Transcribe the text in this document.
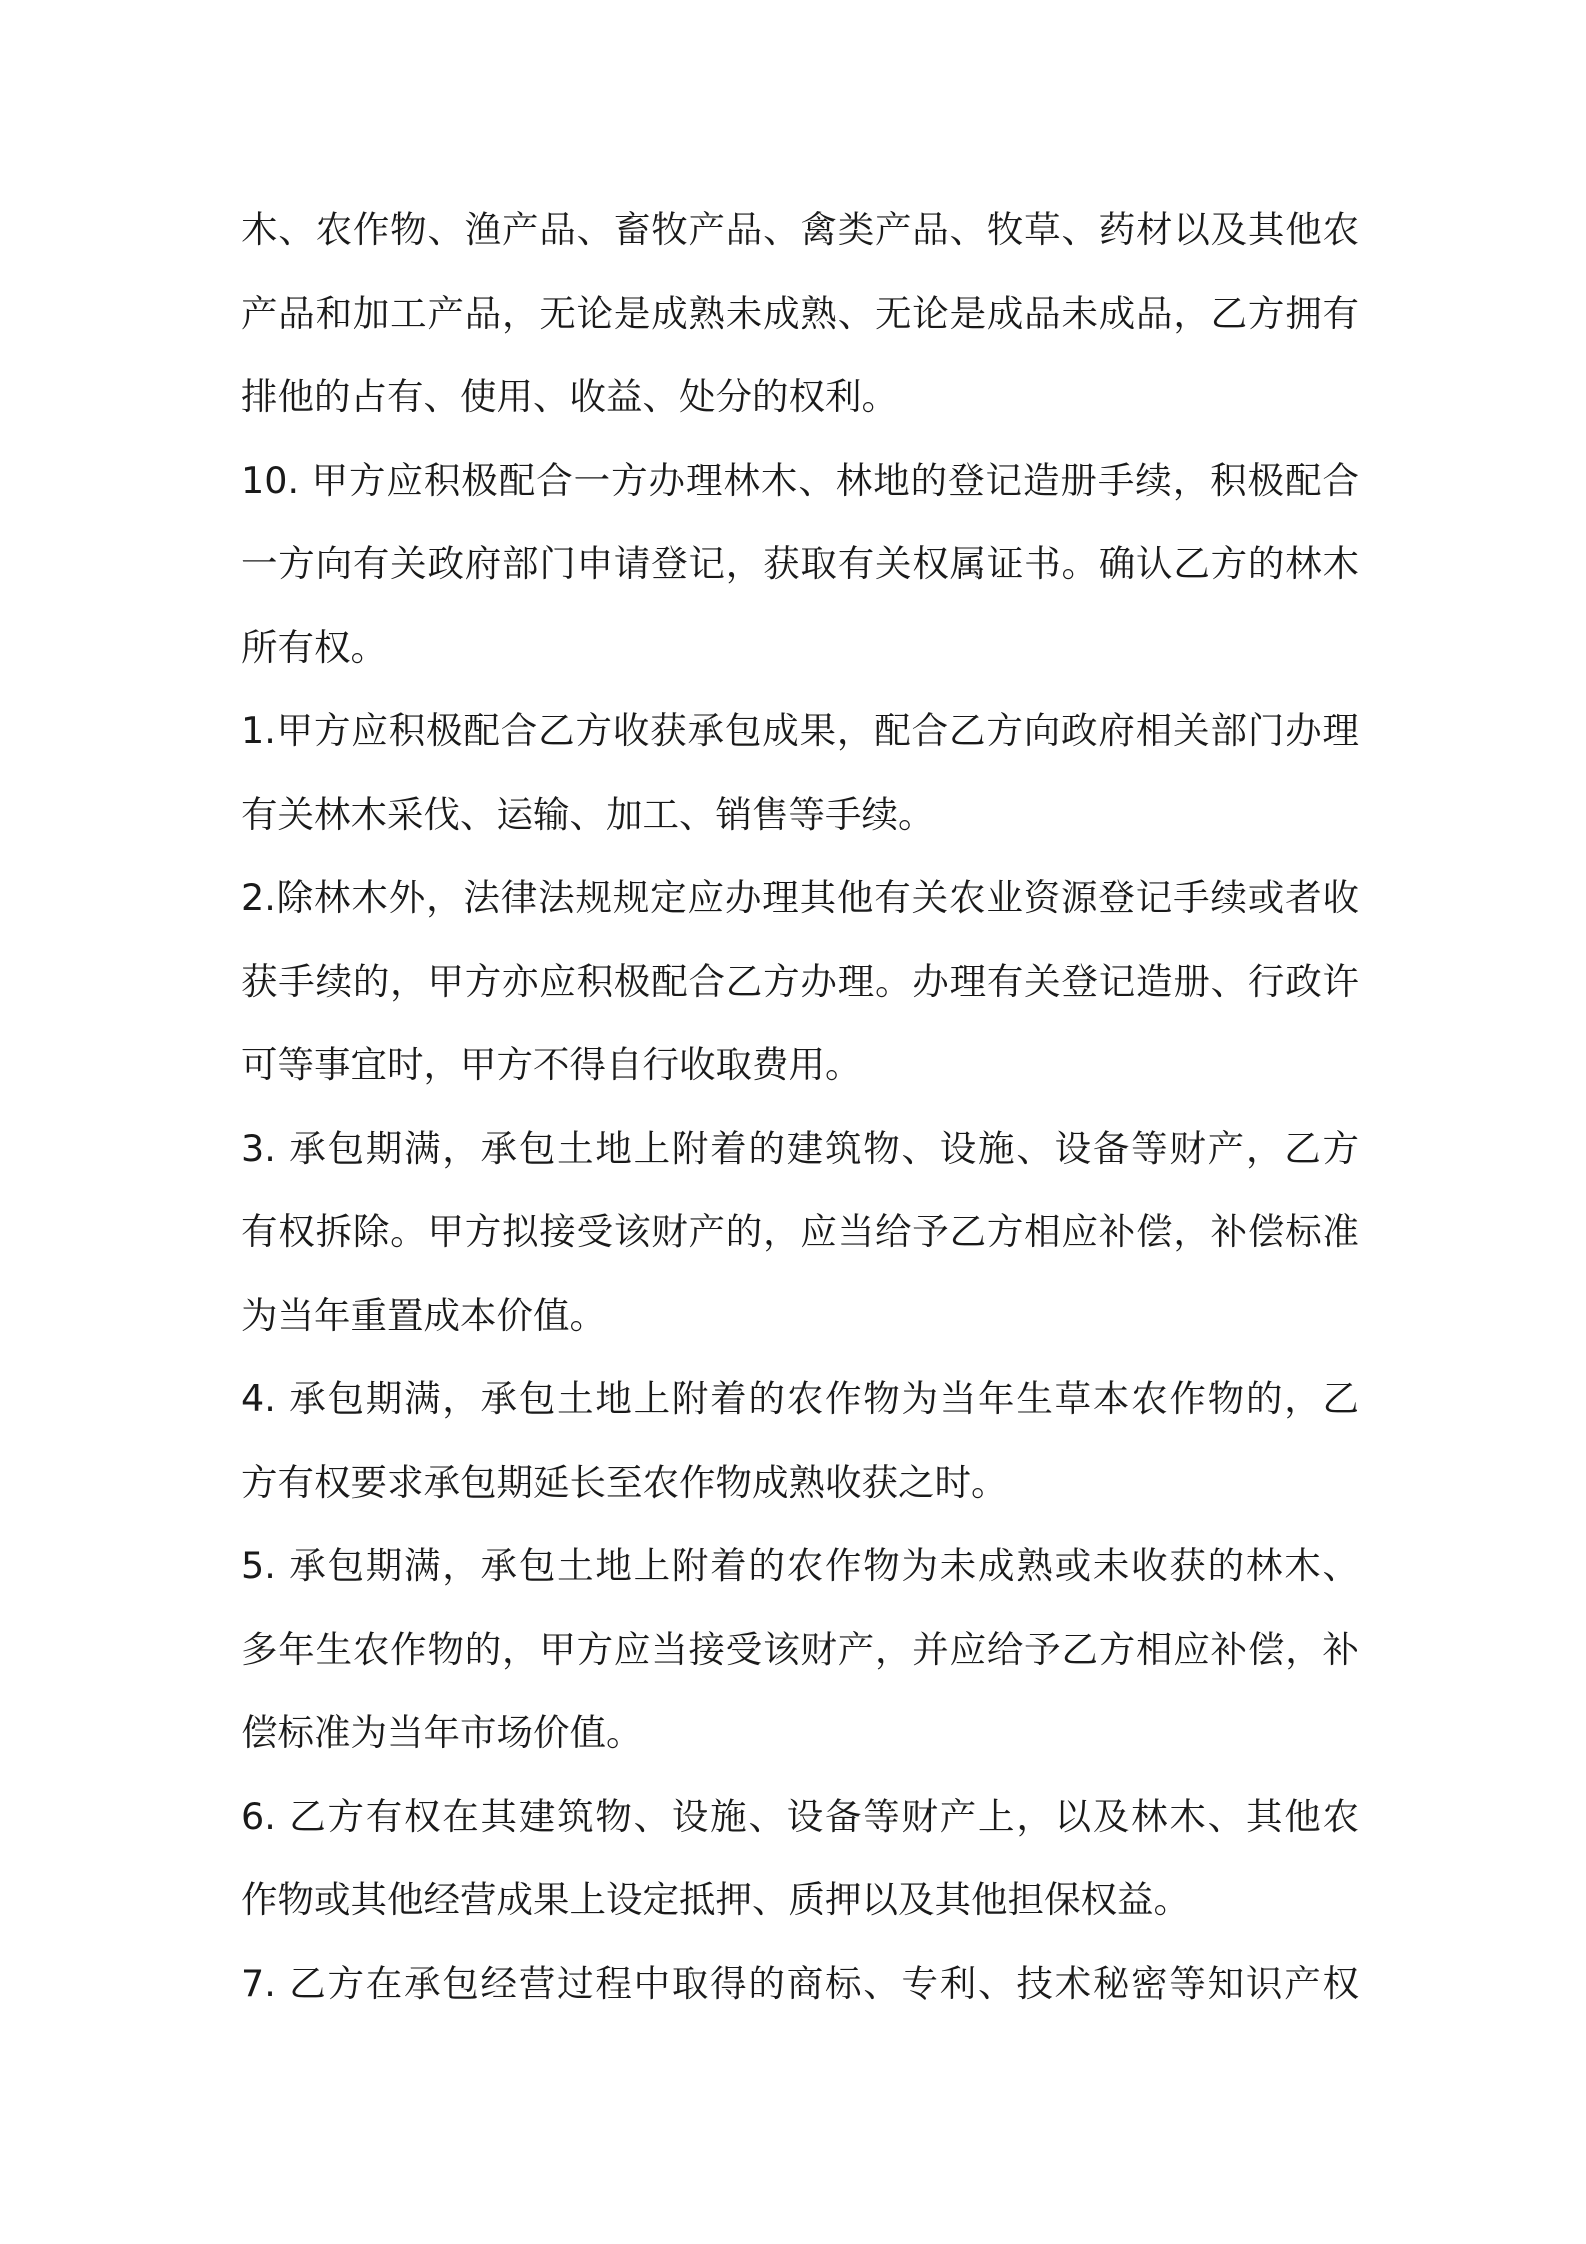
木、农作物、渔产品、畜牧产品、禽类产品、牧草、药材以及其他农
产品和加工产品，无论是成熟未成熟、无论是成品未成品，乙方拥有
排他的占有、使用、收益、处分的权利。
10. 甲方应积极配合一方办理林木、林地的登记造册手续，积极配合
一方向有关政府部门申请登记，获取有关权属证书。确认乙方的林木
所有权。
1.甲方应积极配合乙方收获承包成果，配合乙方向政府相关部门办理
有关林木采伐、运输、加工、销售等手续。
2.除林木外，法律法规规定应办理其他有关农业资源登记手续或者收
获手续的，甲方亦应积极配合乙方办理。办理有关登记造册、行政许
可等事宜时，甲方不得自行收取费用。
3. 承包期满，承包土地上附着的建筑物、设施、设备等财产，乙方
有权拆除。甲方拟接受该财产的，应当给予乙方相应补偿，补偿标准
为当年重置成本价值。
4. 承包期满，承包土地上附着的农作物为当年生草本农作物的，乙
方有权要求承包期延长至农作物成熟收获之时。
5. 承包期满，承包土地上附着的农作物为未成熟或未收获的林木、
多年生农作物的，甲方应当接受该财产，并应给予乙方相应补偿，补
偿标准为当年市场价值。
6. 乙方有权在其建筑物、设施、设备等财产上，以及林木、其他农
作物或其他经营成果上设定抵押、质押以及其他担保权益。
7. 乙方在承包经营过程中取得的商标、专利、技术秘密等知识产权
